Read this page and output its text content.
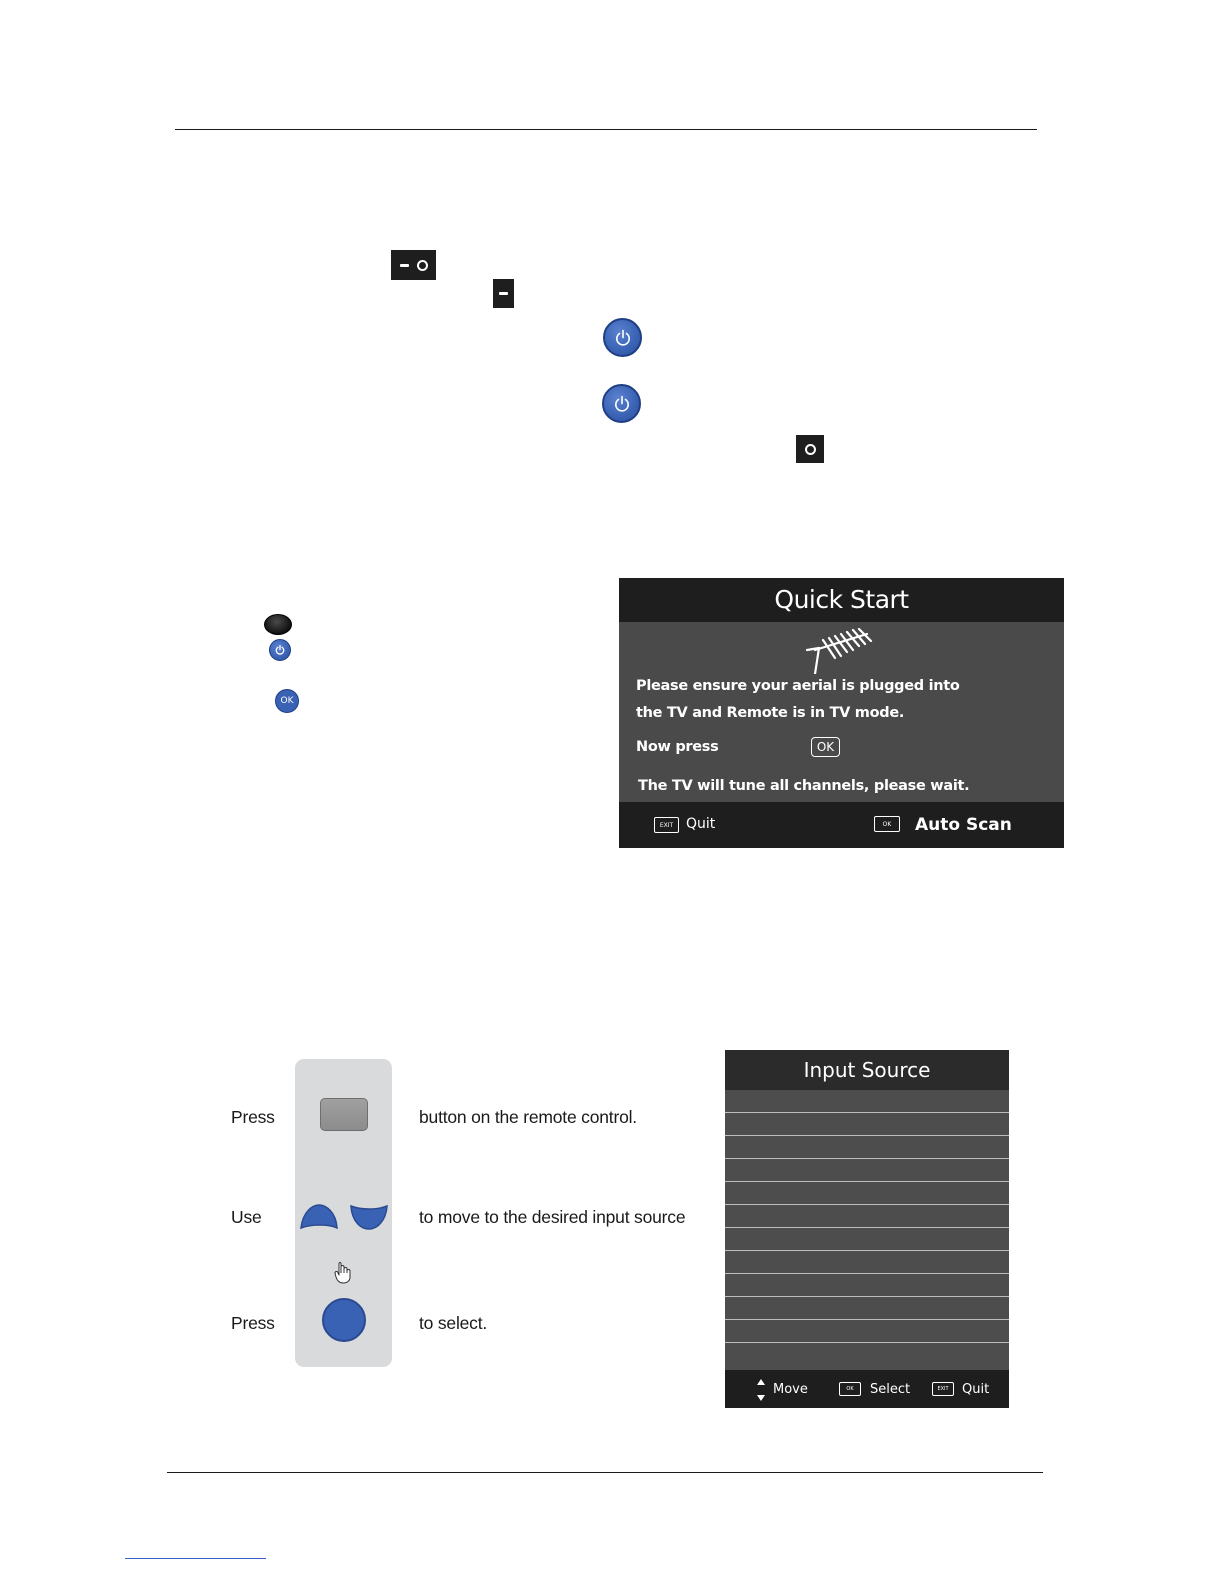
OK
Quick Start
Please ensure your aerial is plugged into
the TV and Remote is in TV mode.
Now press	OK
The TV will tune all channels, please wait.
EXIT Quit	OK	Auto Scan
Press	button on the remote control.
Use	to move to the desired input source
Press	to select.
Input Source
Move	OK	Select	EXIT	Quit
